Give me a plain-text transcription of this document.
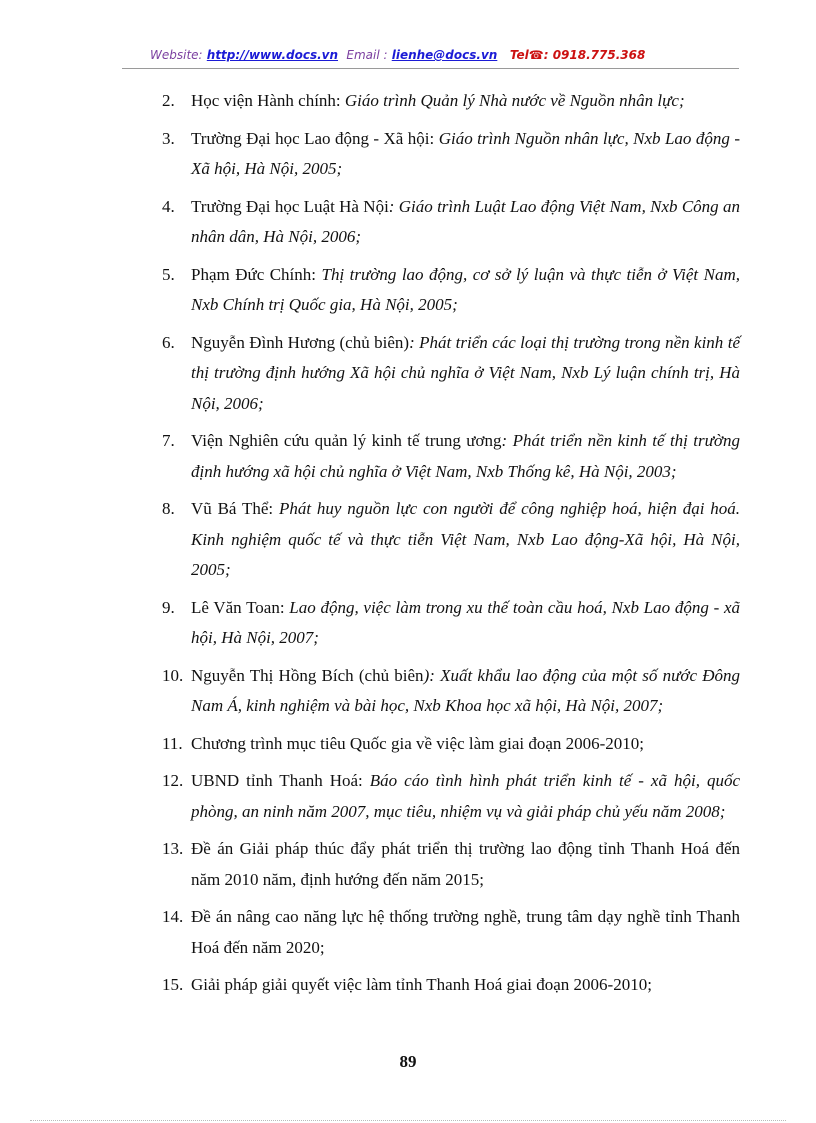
Website: http://www.docs.vn Email : lienhe@docs.vn Tel☎: 0918.775.368
2. Học viện Hành chính: Giáo trình Quản lý Nhà nước về Nguồn nhân lực;
3. Trường Đại học Lao động - Xã hội: Giáo trình Nguồn nhân lực, Nxb Lao động - Xã hội, Hà Nội, 2005;
4. Trường Đại học Luật Hà Nội: Giáo trình Luật Lao động Việt Nam, Nxb Công an nhân dân, Hà Nội, 2006;
5. Phạm Đức Chính: Thị trường lao động, cơ sở lý luận và thực tiễn ở Việt Nam, Nxb Chính trị Quốc gia, Hà Nội, 2005;
6. Nguyễn Đình Hương (chủ biên): Phát triển các loại thị trường trong nền kinh tế thị trường định hướng Xã hội chủ nghĩa ở Việt Nam, Nxb Lý luận chính trị, Hà Nội, 2006;
7. Viện Nghiên cứu quản lý kinh tế trung ương: Phát triển nền kinh tế thị trường định hướng xã hội chủ nghĩa ở Việt Nam, Nxb Thống kê, Hà Nội, 2003;
8. Vũ Bá Thể: Phát huy nguồn lực con người để công nghiệp hoá, hiện đại hoá. Kinh nghiệm quốc tế và thực tiễn Việt Nam, Nxb Lao động-Xã hội, Hà Nội, 2005;
9. Lê Văn Toan: Lao động, việc làm trong xu thế toàn cầu hoá, Nxb Lao động - xã hội, Hà Nội, 2007;
10. Nguyễn Thị Hồng Bích (chủ biên): Xuất khẩu lao động của một số nước Đông Nam Á, kinh nghiệm và bài học, Nxb Khoa học xã hội, Hà Nội, 2007;
11. Chương trình mục tiêu Quốc gia về việc làm giai đoạn 2006-2010;
12. UBND tỉnh Thanh Hoá: Báo cáo tình hình phát triển kinh tế - xã hội, quốc phòng, an ninh năm 2007, mục tiêu, nhiệm vụ và giải pháp chủ yếu năm 2008;
13. Đề án Giải pháp thúc đẩy phát triển thị trường lao động tỉnh Thanh Hoá đến năm 2010 năm, định hướng đến năm 2015;
14. Đề án nâng cao năng lực hệ thống trường nghề, trung tâm dạy nghề tỉnh Thanh Hoá đến năm 2020;
15. Giải pháp giải quyết việc làm tỉnh Thanh Hoá giai đoạn 2006-2010;
89
